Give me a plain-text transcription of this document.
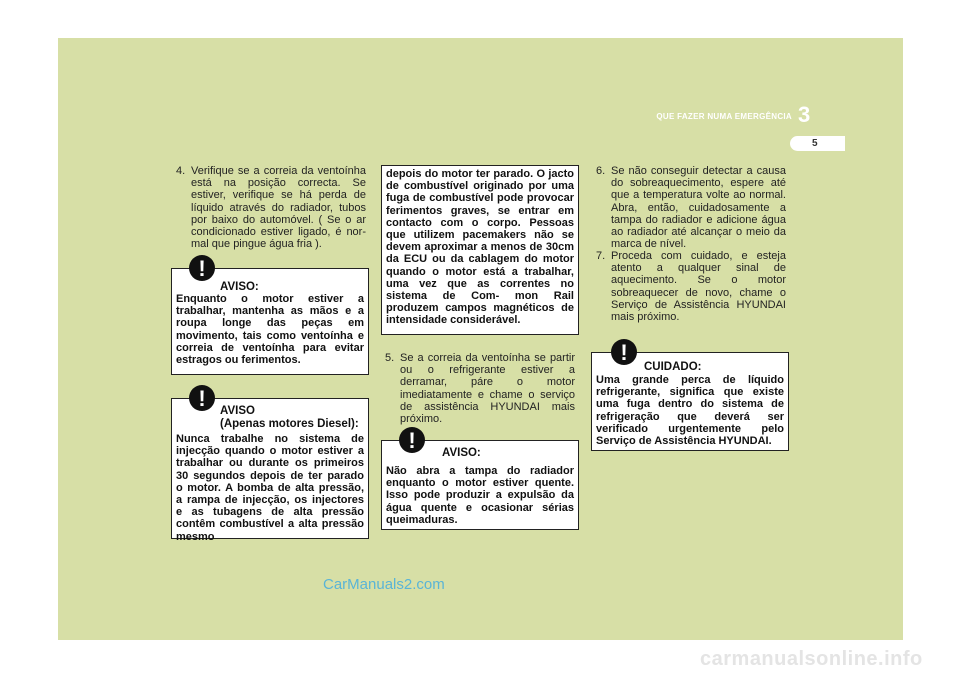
QUE FAZER NUMA EMERGÊNCIA 3
5
4. Verifique se a correia da ventoínha está na posição correcta. Se estiver, verifique se há perda de líquido através do radiador, tubos por baixo do automóvel. ( Se o ar condicionado estiver ligado, é nor- mal que pingue água fria ).
!
AVISO:
Enquanto o motor estiver a trabalhar, mantenha as mãos e a roupa longe das peças em movimento, tais como ventoínha e correia de ventoínha para evitar estragos ou ferimentos.
!	AVISO
(Apenas motores Diesel):
Nunca trabalhe no sistema de injecção quando o motor estiver a trabalhar ou durante os primeiros 30 segundos depois de ter parado o motor. A bomba de alta pressão, a rampa de injecção, os injectores e as tubagens de alta pressão contêm combustível a alta pressão mesmo
depois do motor ter parado. O jacto de combustível originado por uma fuga de combustível pode provocar ferimentos graves, se entrar em contacto com o corpo. Pessoas que utilizem pacemakers não se devem aproximar a menos de 30cm da ECU ou da cablagem do motor quando o motor está a trabalhar, uma vez que as correntes no sistema de Com- mon Rail produzem campos magnéticos de intensidade considerável.
5. Se a correia da ventoínha se partir ou o refrigerante estiver a derramar, páre o motor imediatamente e chame o serviço de assistência HYUNDAI mais próximo.
!	AVISO:
Não abra a tampa do radiador enquanto o motor estiver quente. Isso pode produzir a expulsão da água quente e ocasionar sérias queimaduras.
6. Se não conseguir detectar a causa do sobreaquecimento, espere até que a temperatura volte ao normal. Abra, então, cuidadosamente a tampa do radiador e adicione água ao radiador até alcançar o meio da marca de nível.
7. Proceda com cuidado, e esteja atento a qualquer sinal de aquecimento. Se o motor sobreaquecer de novo, chame o Serviço de Assistência HYUNDAI mais próximo.
!
CUIDADO:
Uma grande perca de líquido refrigerante, significa que existe uma fuga dentro do sistema de refrigeração que deverá ser verificado urgentemente pelo Serviço de Assistência HYUNDAI.
CarManuals2.com
carmanualsonline.info
